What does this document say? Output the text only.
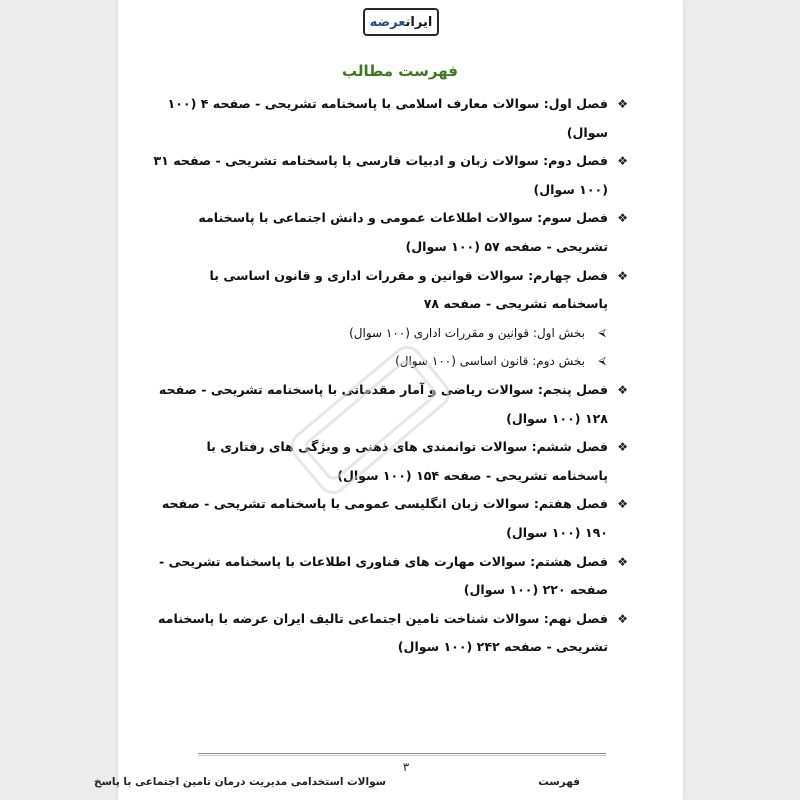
ایرانعرضه
فهرست مطالب
❖
فصل اول: سوالات معارف اسلامی با پاسخنامه تشریحی - صفحه ۴ (۱۰۰ سوال)
❖
فصل دوم: سوالات زبان و ادبیات فارسی با پاسخنامه تشریحی - صفحه ۳۱ (۱۰۰ سوال)
❖
فصل سوم: سوالات اطلاعات عمومی و دانش اجتماعی با پاسخنامه تشریحی - صفحه ۵۷ (۱۰۰ سوال)
❖
فصل چهارم: سوالات قوانین و مقررات اداری و قانون اساسی با پاسخنامه تشریحی - صفحه ۷۸
⮘
بخش اول: قوانین و مقررات اداری (۱۰۰ سوال)
⮘
بخش دوم: قانون اساسی (۱۰۰ سوال)
❖
فصل پنجم: سوالات ریاضی و آمار مقدماتی با پاسخنامه تشریحی - صفحه ۱۲۸ (۱۰۰ سوال)
❖
فصل ششم: سوالات توانمندی های ذهنی و ویژگی های رفتاری با پاسخنامه تشریحی - صفحه ۱۵۴ (۱۰۰ سوال)
❖
فصل هفتم: سوالات زبان انگلیسی عمومی با پاسخنامه تشریحی - صفحه ۱۹۰ (۱۰۰ سوال)
❖
فصل هشتم: سوالات مهارت های فناوری اطلاعات با پاسخنامه تشریحی - صفحه ۲۲۰ (۱۰۰ سوال)
❖
فصل نهم: سوالات شناخت تامین اجتماعی تالیف ایران عرضه با پاسخنامه تشریحی - صفحه ۲۴۲ (۱۰۰ سوال)
۳
سوالات استخدامی مدیریت درمان تامین اجتماعی با پاسخ	فهرست
